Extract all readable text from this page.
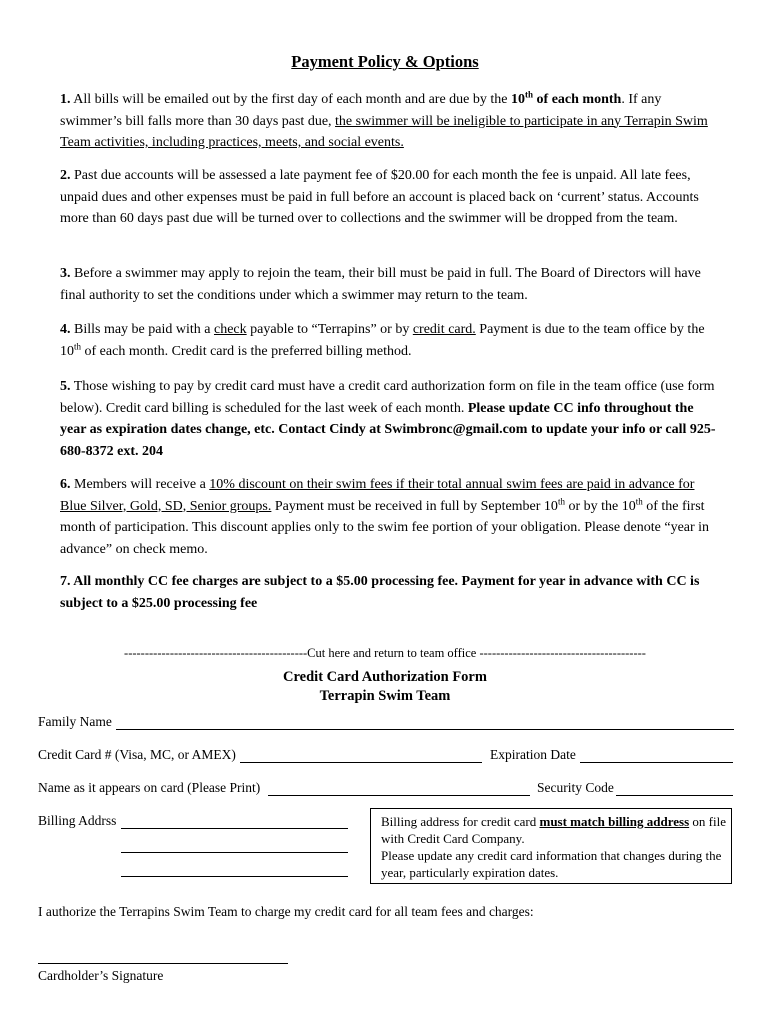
Payment Policy & Options
1. All bills will be emailed out by the first day of each month and are due by the 10th of each month. If any swimmer’s bill falls more than 30 days past due, the swimmer will be ineligible to participate in any Terrapin Swim Team activities, including practices, meets, and social events.
2. Past due accounts will be assessed a late payment fee of $20.00 for each month the fee is unpaid. All late fees, unpaid dues and other expenses must be paid in full before an account is placed back on ‘current’ status. Accounts more than 60 days past due will be turned over to collections and the swimmer will be dropped from the team.
3. Before a swimmer may apply to rejoin the team, their bill must be paid in full. The Board of Directors will have final authority to set the conditions under which a swimmer may return to the team.
4. Bills may be paid with a check payable to “Terrapins” or by credit card. Payment is due to the team office by the 10th of each month. Credit card is the preferred billing method.
5. Those wishing to pay by credit card must have a credit card authorization form on file in the team office (use form below). Credit card billing is scheduled for the last week of each month. Please update CC info throughout the year as expiration dates change, etc. Contact Cindy at Swimbronc@gmail.com to update your info or call 925-680-8372 ext. 204
6. Members will receive a 10% discount on their swim fees if their total annual swim fees are paid in advance for Blue Silver, Gold, SD, Senior groups. Payment must be received in full by September 10th or by the 10th of the first month of participation. This discount applies only to the swim fee portion of your obligation. Please denote “year in advance” on check memo.
7. All monthly CC fee charges are subject to a $5.00 processing fee. Payment for year in advance with CC is subject to a $25.00 processing fee
--------------------------------------------Cut here and return to team office ----------------------------------------
Credit Card Authorization Form
Terrapin Swim Team
Family Name
Credit Card # (Visa, MC, or AMEX)	Expiration Date
Name as it appears on card (Please Print)	Security Code
Billing Addrss	Billing address for credit card must match billing address on file with Credit Card Company.
Please update any credit card information that changes during the year, particularly expiration dates.
I authorize the Terrapins Swim Team to charge my credit card for all team fees and charges:
Cardholder’s Signature
